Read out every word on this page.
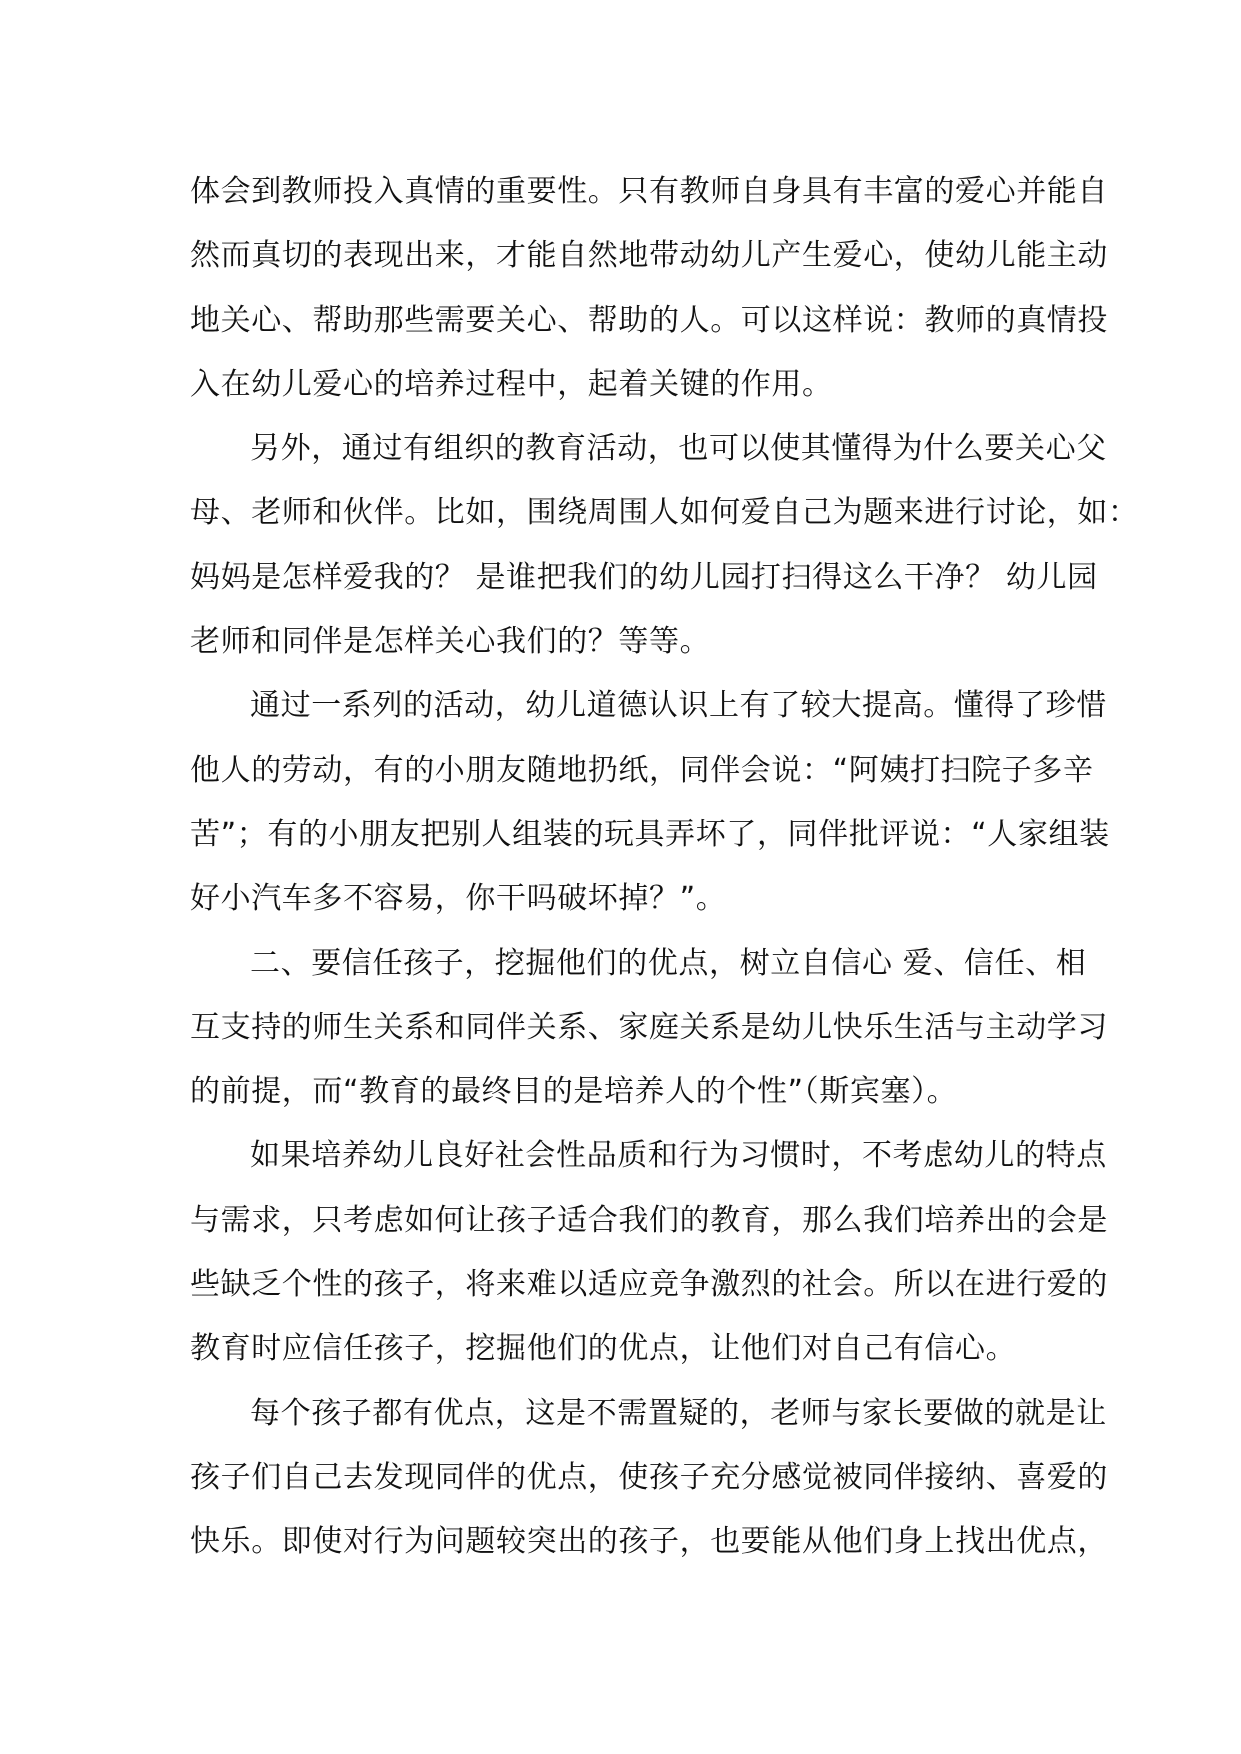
体会到教师投入真情的重要性。只有教师自身具有丰富的爱心并能自
然而真切的表现出来，才能自然地带动幼儿产生爱心，使幼儿能主动
地关心、帮助那些需要关心、帮助的人。可以这样说：教师的真情投
入在幼儿爱心的培养过程中，起着关键的作用。
另外，通过有组织的教育活动，也可以使其懂得为什么要关心父
母、老师和伙伴。比如，围绕周围人如何爱自己为题来进行讨论，如：
妈妈是怎样爱我的？ 是谁把我们的幼儿园打扫得这么干净？ 幼儿园
老师和同伴是怎样关心我们的？等等。
通过一系列的活动，幼儿道德认识上有了较大提高。懂得了珍惜
他人的劳动，有的小朋友随地扔纸，同伴会说：“阿姨打扫院子多辛
苦”；有的小朋友把别人组装的玩具弄坏了，同伴批评说：“人家组装
好小汽车多不容易，你干吗破坏掉？”。
二、要信任孩子，挖掘他们的优点，树立自信心 爱、信任、相
互支持的师生关系和同伴关系、家庭关系是幼儿快乐生活与主动学习
的前提，而“教育的最终目的是培养人的个性”（斯宾塞）。
如果培养幼儿良好社会性品质和行为习惯时，不考虑幼儿的特点
与需求，只考虑如何让孩子适合我们的教育，那么我们培养出的会是
些缺乏个性的孩子，将来难以适应竞争激烈的社会。所以在进行爱的
教育时应信任孩子，挖掘他们的优点，让他们对自己有信心。
每个孩子都有优点，这是不需置疑的，老师与家长要做的就是让
孩子们自己去发现同伴的优点，使孩子充分感觉被同伴接纳、喜爱的
快乐。即使对行为问题较突出的孩子，也要能从他们身上找出优点，
